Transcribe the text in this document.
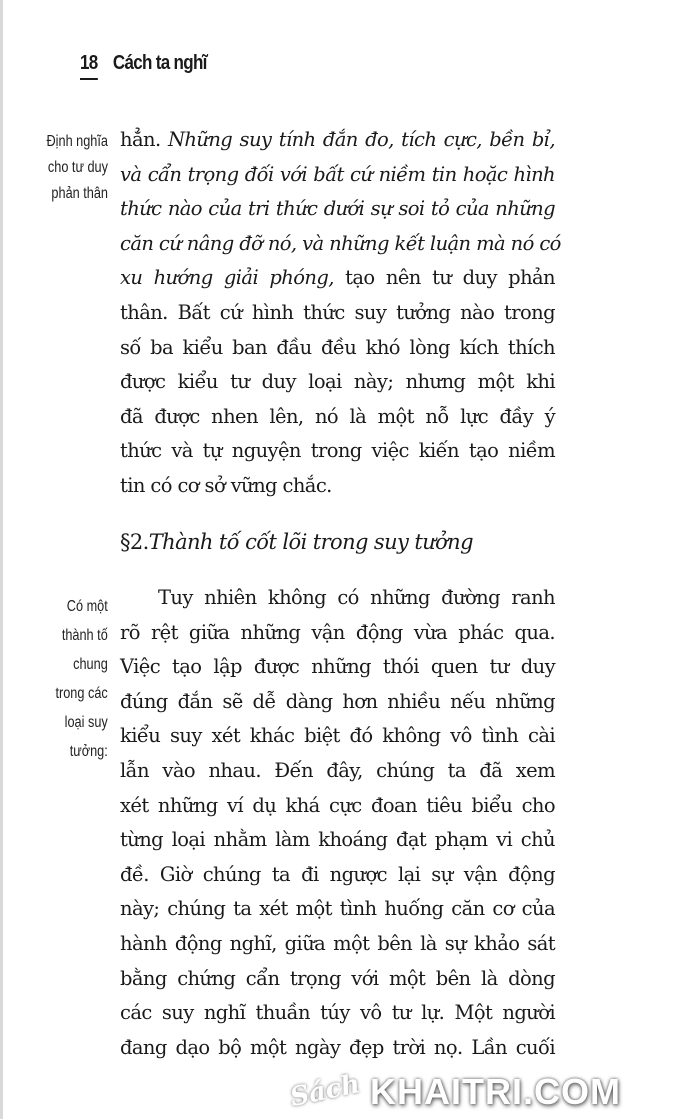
18 Cách ta nghĩ
Định nghĩa
cho tư duy
phản thân
hẳn. Những suy tính đắn đo, tích cực, bền bỉ,
và cẩn trọng đối với bất cứ niềm tin hoặc hình
thức nào của tri thức dưới sự soi tỏ của những
căn cứ nâng đỡ nó, và những kết luận mà nó có
xu hướng giải phóng, tạo nên tư duy phản
thân. Bất cứ hình thức suy tưởng nào trong
số ba kiểu ban đầu đều khó lòng kích thích
được kiểu tư duy loại này; nhưng một khi
đã được nhen lên, nó là một nỗ lực đầy ý
thức và tự nguyện trong việc kiến tạo niềm
tin có cơ sở vững chắc.
§2.Thành tố cốt lõi trong suy tưởng
Có một
thành tố
chung
trong các
loại suy
tưởng:
Tuy nhiên không có những đường ranh
rõ rệt giữa những vận động vừa phác qua.
Việc tạo lập được những thói quen tư duy
đúng đắn sẽ dễ dàng hơn nhiều nếu những
kiểu suy xét khác biệt đó không vô tình cài
lẫn vào nhau. Đến đây, chúng ta đã xem
xét những ví dụ khá cực đoan tiêu biểu cho
từng loại nhằm làm khoáng đạt phạm vi chủ
đề. Giờ chúng ta đi ngược lại sự vận động
này; chúng ta xét một tình huống căn cơ của
hành động nghĩ, giữa một bên là sự khảo sát
bằng chứng cẩn trọng với một bên là dòng
các suy nghĩ thuần túy vô tư lự. Một người
đang dạo bộ một ngày đẹp trời nọ. Lần cuối
Sách KHAITRI.COM
